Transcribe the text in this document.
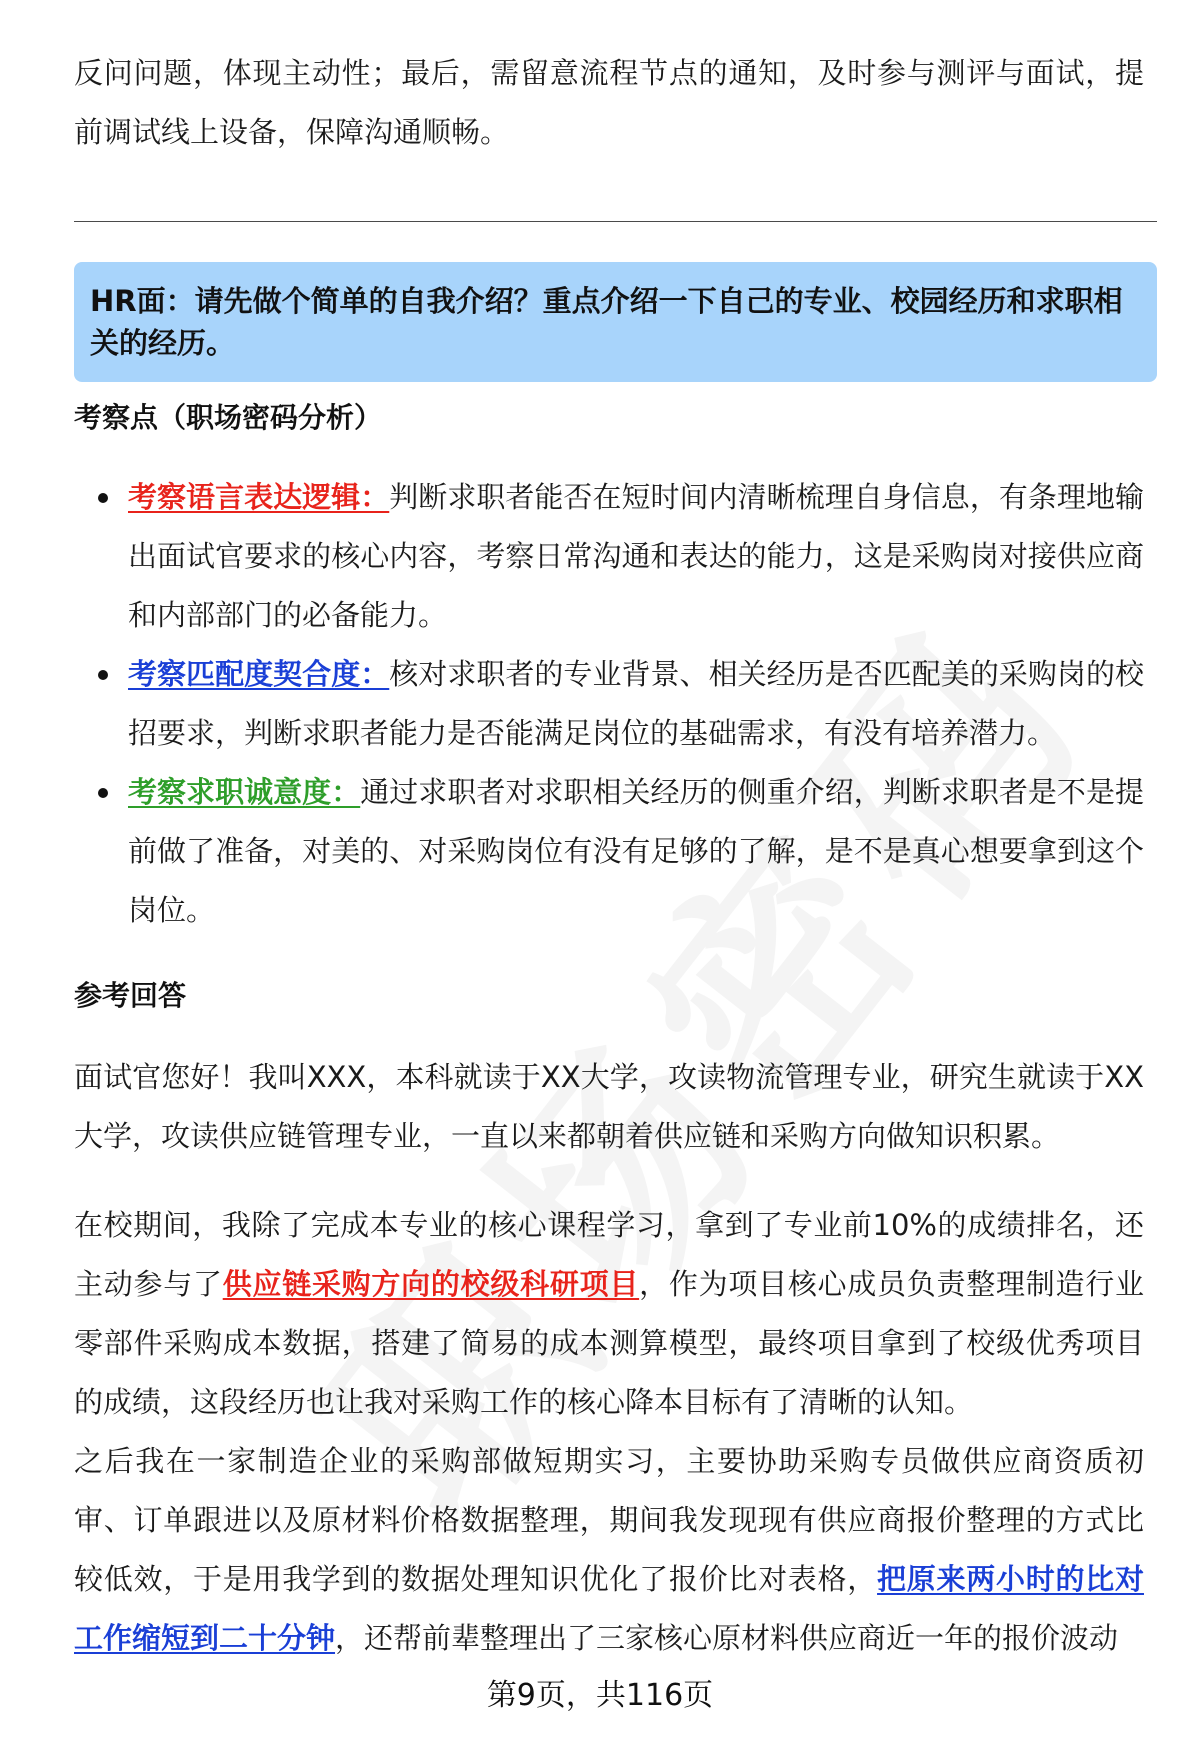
反问问题，体现主动性；最后，需留意流程节点的通知，及时参与测评与面试，提前调试线上设备，保障沟通顺畅。

HR面：请先做个简单的自我介绍？重点介绍一下自己的专业、校园经历和求职相关的经历。

考察点（职场密码分析）
考察语言表达逻辑：判断求职者能否在短时间内清晰梳理自身信息，有条理地输出面试官要求的核心内容，考察日常沟通和表达的能力，这是采购岗对接供应商和内部部门的必备能力。
考察匹配度契合度：核对求职者的专业背景、相关经历是否匹配美的采购岗的校招要求，判断求职者能力是否能满足岗位的基础需求，有没有培养潜力。
考察求职诚意度：通过求职者对求职相关经历的侧重介绍，判断求职者是不是提前做了准备，对美的、对采购岗位有没有足够的了解，是不是真心想要拿到这个岗位。
参考回答

面试官您好！我叫XXX，本科就读于XX大学，攻读物流管理专业，研究生就读于XX大学，攻读供应链管理专业，一直以来都朝着供应链和采购方向做知识积累。

在校期间，我除了完成本专业的核心课程学习，拿到了专业前10%的成绩排名，还主动参与了供应链采购方向的校级科研项目，作为项目核心成员负责整理制造行业零部件采购成本数据，搭建了简易的成本测算模型，最终项目拿到了校级优秀项目的成绩，这段经历也让我对采购工作的核心降本目标有了清晰的认知。

之后我在一家制造企业的采购部做短期实习，主要协助采购专员做供应商资质初审、订单跟进以及原材料价格数据整理，期间我发现现有供应商报价整理的方式比较低效，于是用我学到的数据处理知识优化了报价比对表格，把原来两小时的比对工作缩短到二十分钟，还帮前辈整理出了三家核心原材料供应商近一年的报价波动

第9页，共116页
